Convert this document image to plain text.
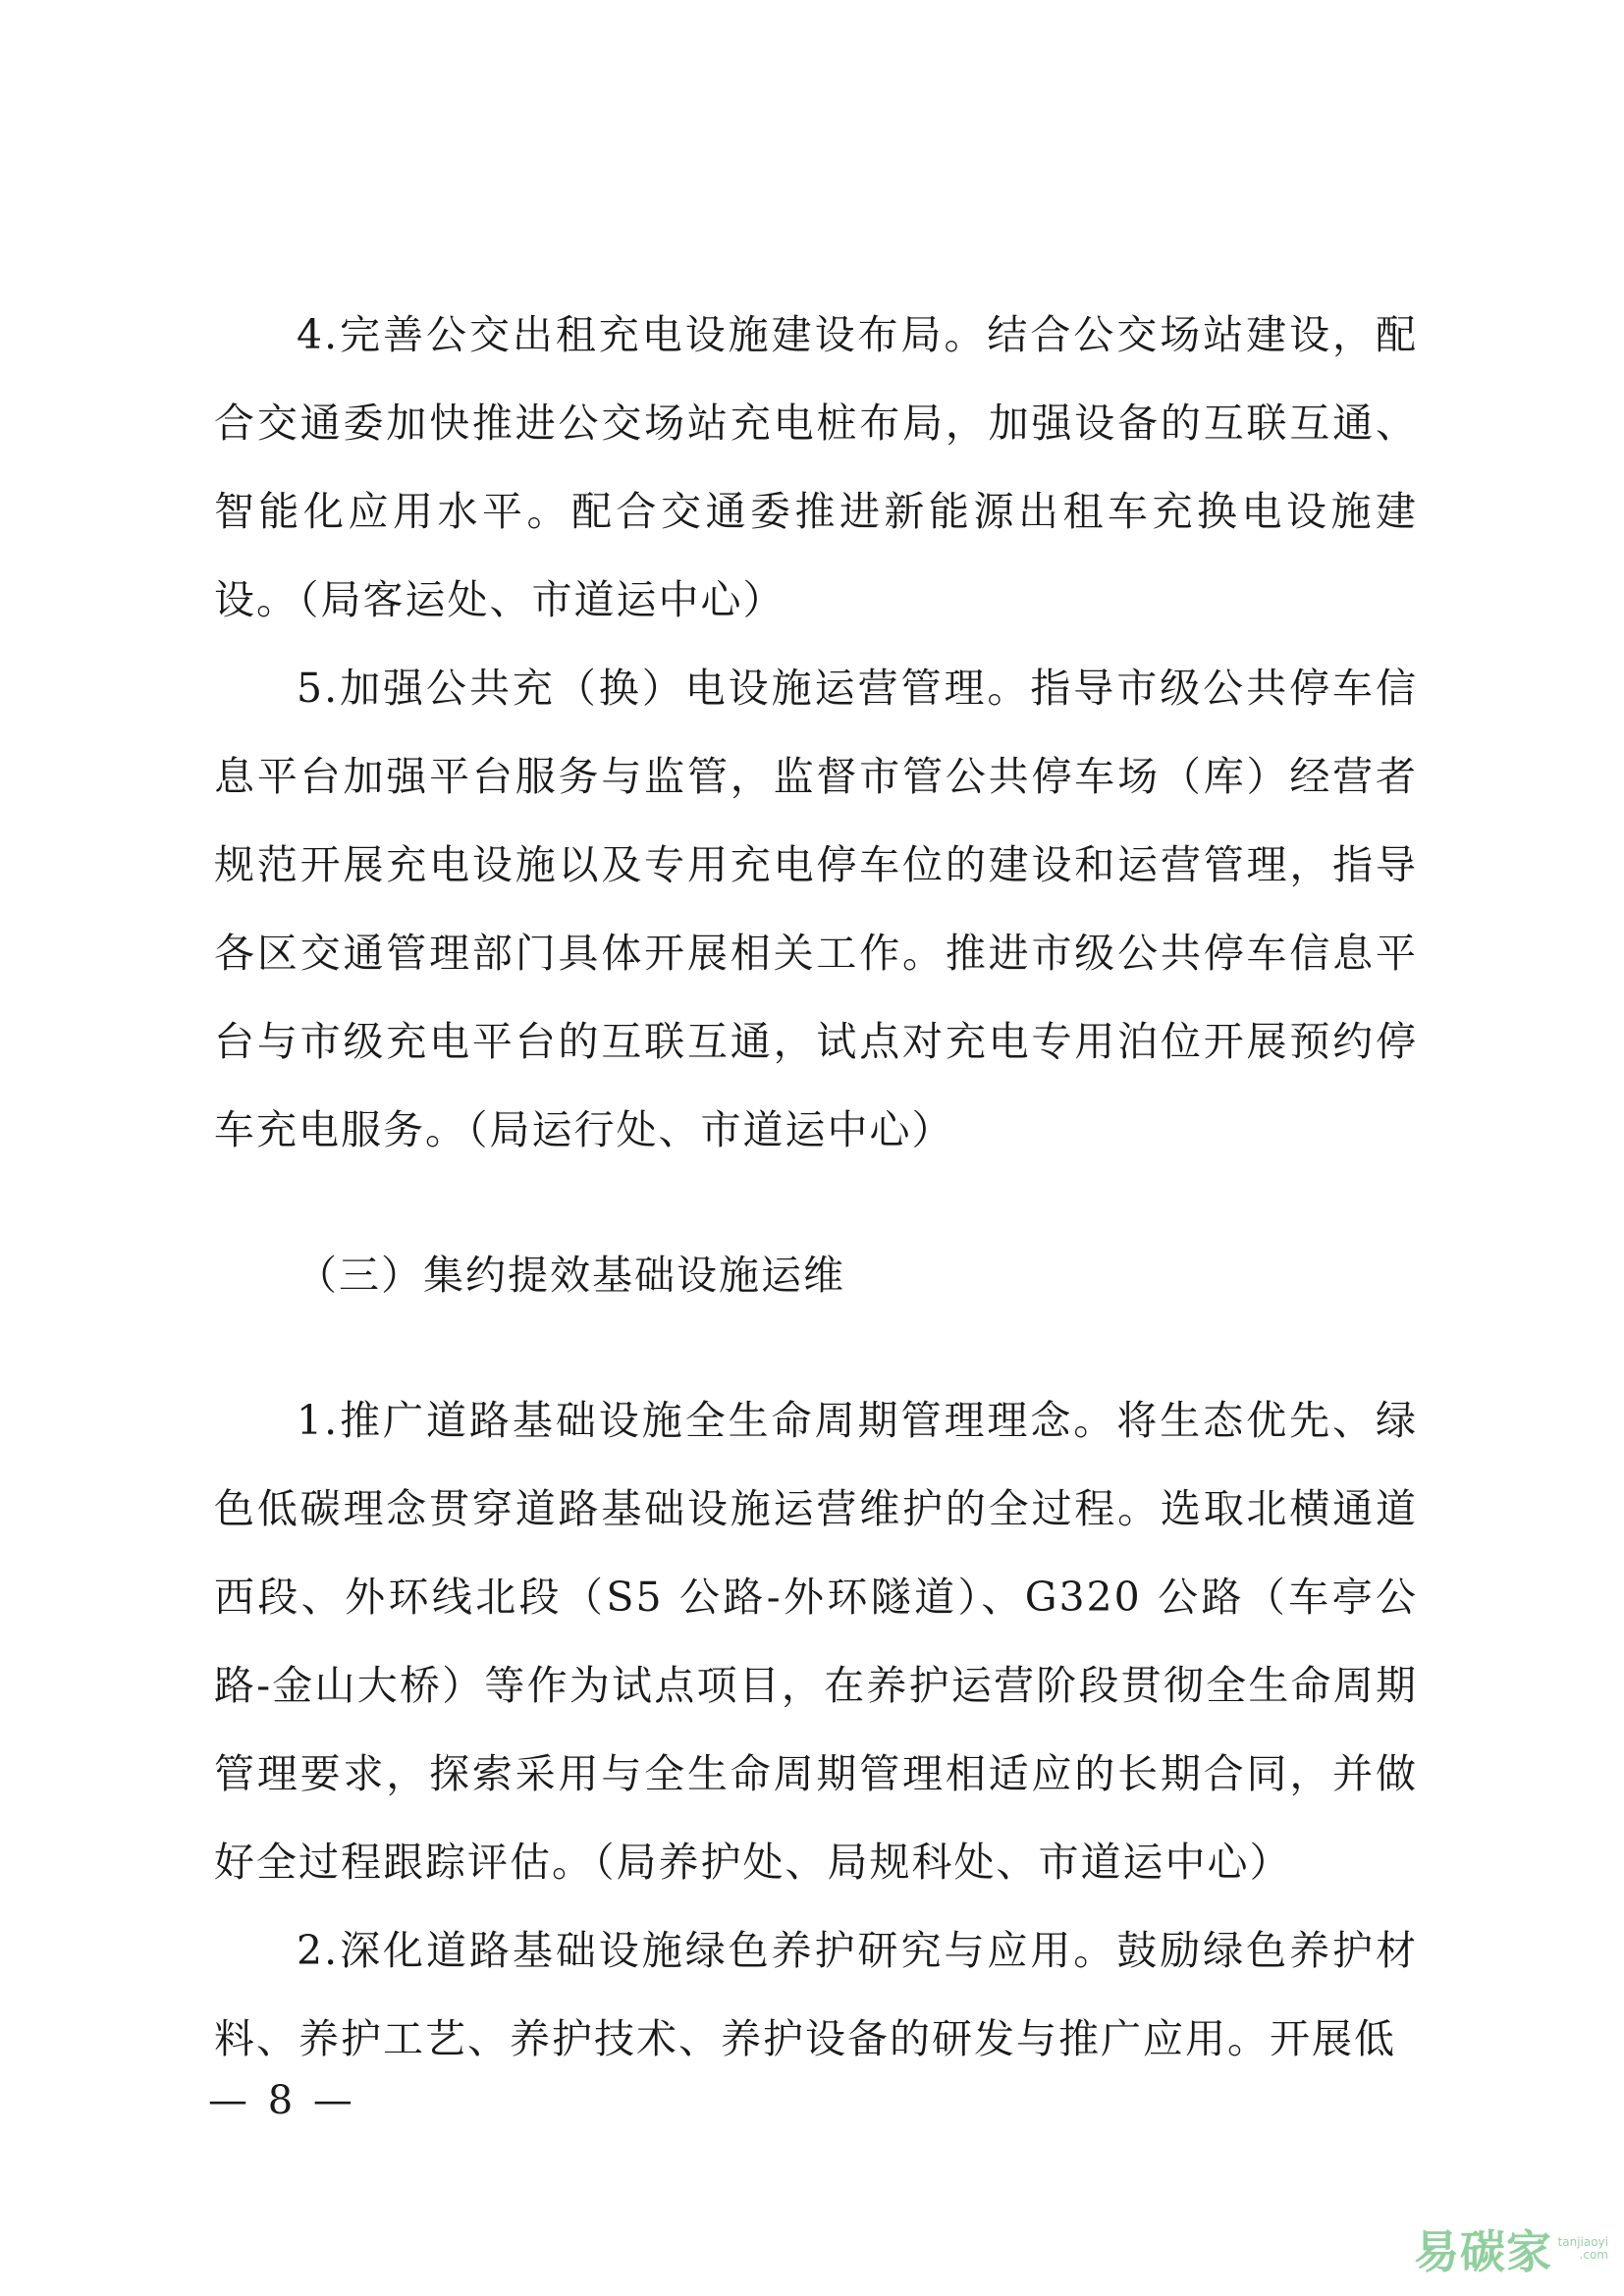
4.完善公交出租充电设施建设布局。结合公交场站建设，配合交通委加快推进公交场站充电桩布局，加强设备的互联互通、智能化应用水平。配合交通委推进新能源出租车充换电设施建设。（局客运处、市道运中心）

5.加强公共充（换）电设施运营管理。指导市级公共停车信息平台加强平台服务与监管，监督市管公共停车场（库）经营者规范开展充电设施以及专用充电停车位的建设和运营管理，指导各区交通管理部门具体开展相关工作。推进市级公共停车信息平台与市级充电平台的互联互通，试点对充电专用泊位开展预约停车充电服务。（局运行处、市道运中心）

（三）集约提效基础设施运维

1.推广道路基础设施全生命周期管理理念。将生态优先、绿色低碳理念贯穿道路基础设施运营维护的全过程。选取北横通道西段、外环线北段（S5 公路-外环隧道）、G320 公路（车亭公路-金山大桥）等作为试点项目，在养护运营阶段贯彻全生命周期管理要求，探索采用与全生命周期管理相适应的长期合同，并做好全过程跟踪评估。（局养护处、局规科处、市道运中心）

2.深化道路基础设施绿色养护研究与应用。鼓励绿色养护材料、养护工艺、养护技术、养护设备的研发与推广应用。开展低

— 8 —
易碳家 tanjiaoyi
.com
